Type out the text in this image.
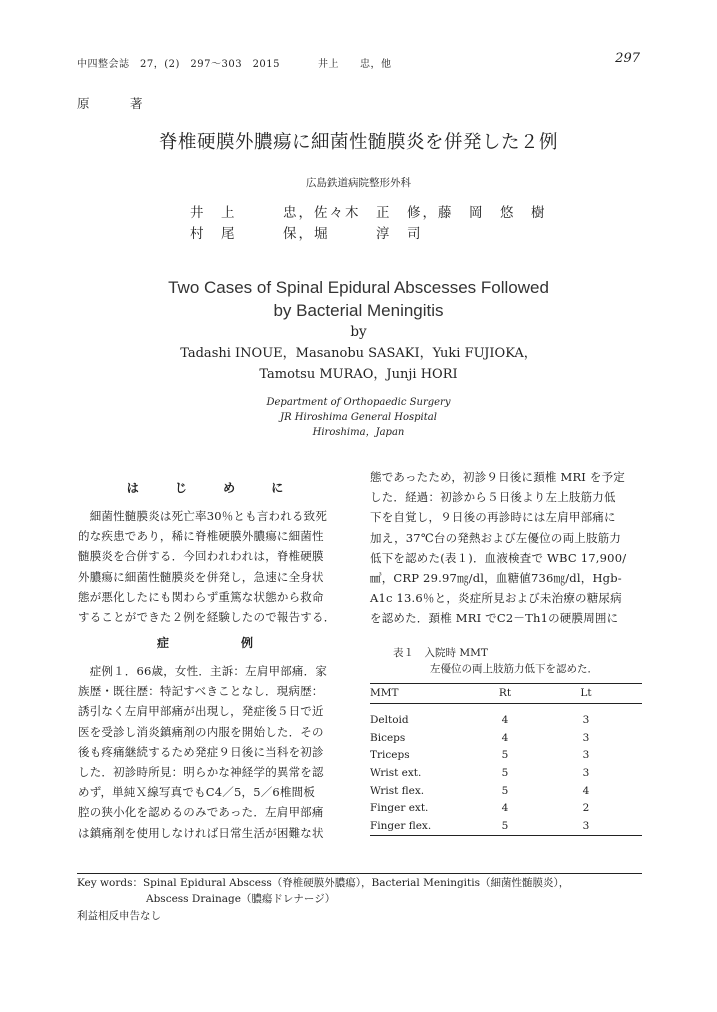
中四整会誌　27，(2)　297～303　2015	井上　　忠，他	297
原　著
脊椎硬膜外膿瘍に細菌性髄膜炎を併発した２例
広島鉄道病院整形外科
井　上　　　忠，佐々木　正　修，藤　岡　悠　樹
村　尾　　　保，堀　　　淳　司
Two Cases of Spinal Epidural Abscesses Followed
by Bacterial Meningitis
by
Tadashi INOUE，Masanobu SASAKI，Yuki FUJIOKA，
Tamotsu MURAO，Junji HORI
Department of Orthopaedic Surgery
JR Hiroshima General Hospital
Hiroshima，Japan
は じ め に
　細菌性髄膜炎は死亡率30％とも言われる致死
的な疾患であり，稀に脊椎硬膜外膿瘍に細菌性
髄膜炎を合併する．今回われわれは，脊椎硬膜
外膿瘍に細菌性髄膜炎を併発し，急速に全身状
態が悪化したにも関わらず重篤な状態から救命
することができた２例を経験したので報告する．
症　　例
　症例１．66歳，女性．主訴：左肩甲部痛．家
族歴・既往歴：特記すべきことなし．現病歴：
誘引なく左肩甲部痛が出現し，発症後５日で近
医を受診し消炎鎮痛剤の内服を開始した．その
後も疼痛継続するため発症９日後に当科を初診
した．初診時所見：明らかな神経学的異常を認
めず，単純Ｘ線写真でもC4／5，5／6椎間板
腔の狭小化を認めるのみであった．左肩甲部痛
は鎮痛剤を使用しなければ日常生活が困難な状
態であったため，初診９日後に頚椎 MRI を予定
した．経過：初診から５日後より左上肢筋力低
下を自覚し，９日後の再診時には左肩甲部痛に
加え，37℃台の発熱および左優位の両上肢筋力
低下を認めた(表１)．血液検査で WBC 17,900/
㎣，CRP 29.97㎎/dl，血糖値736㎎/dl，Hgb-
A1c 13.6％と，炎症所見および未治療の糖尿病
を認めた．頚椎 MRI でC2－Th1の硬膜周囲に
表１　入院時 MMT
左優位の両上肢筋力低下を認めた．
MMT	Rt	Lt

Deltoid	4	3
Biceps	4	3
Triceps	5	3
Wrist ext.	5	3
Wrist flex.	5	4
Finger ext.	4	2
Finger flex.	5	3
Key words：Spinal Epidural Abscess（脊椎硬膜外膿瘍），Bacterial Meningitis（細菌性髄膜炎），
Abscess Drainage（膿瘍ドレナージ）
利益相反申告なし
